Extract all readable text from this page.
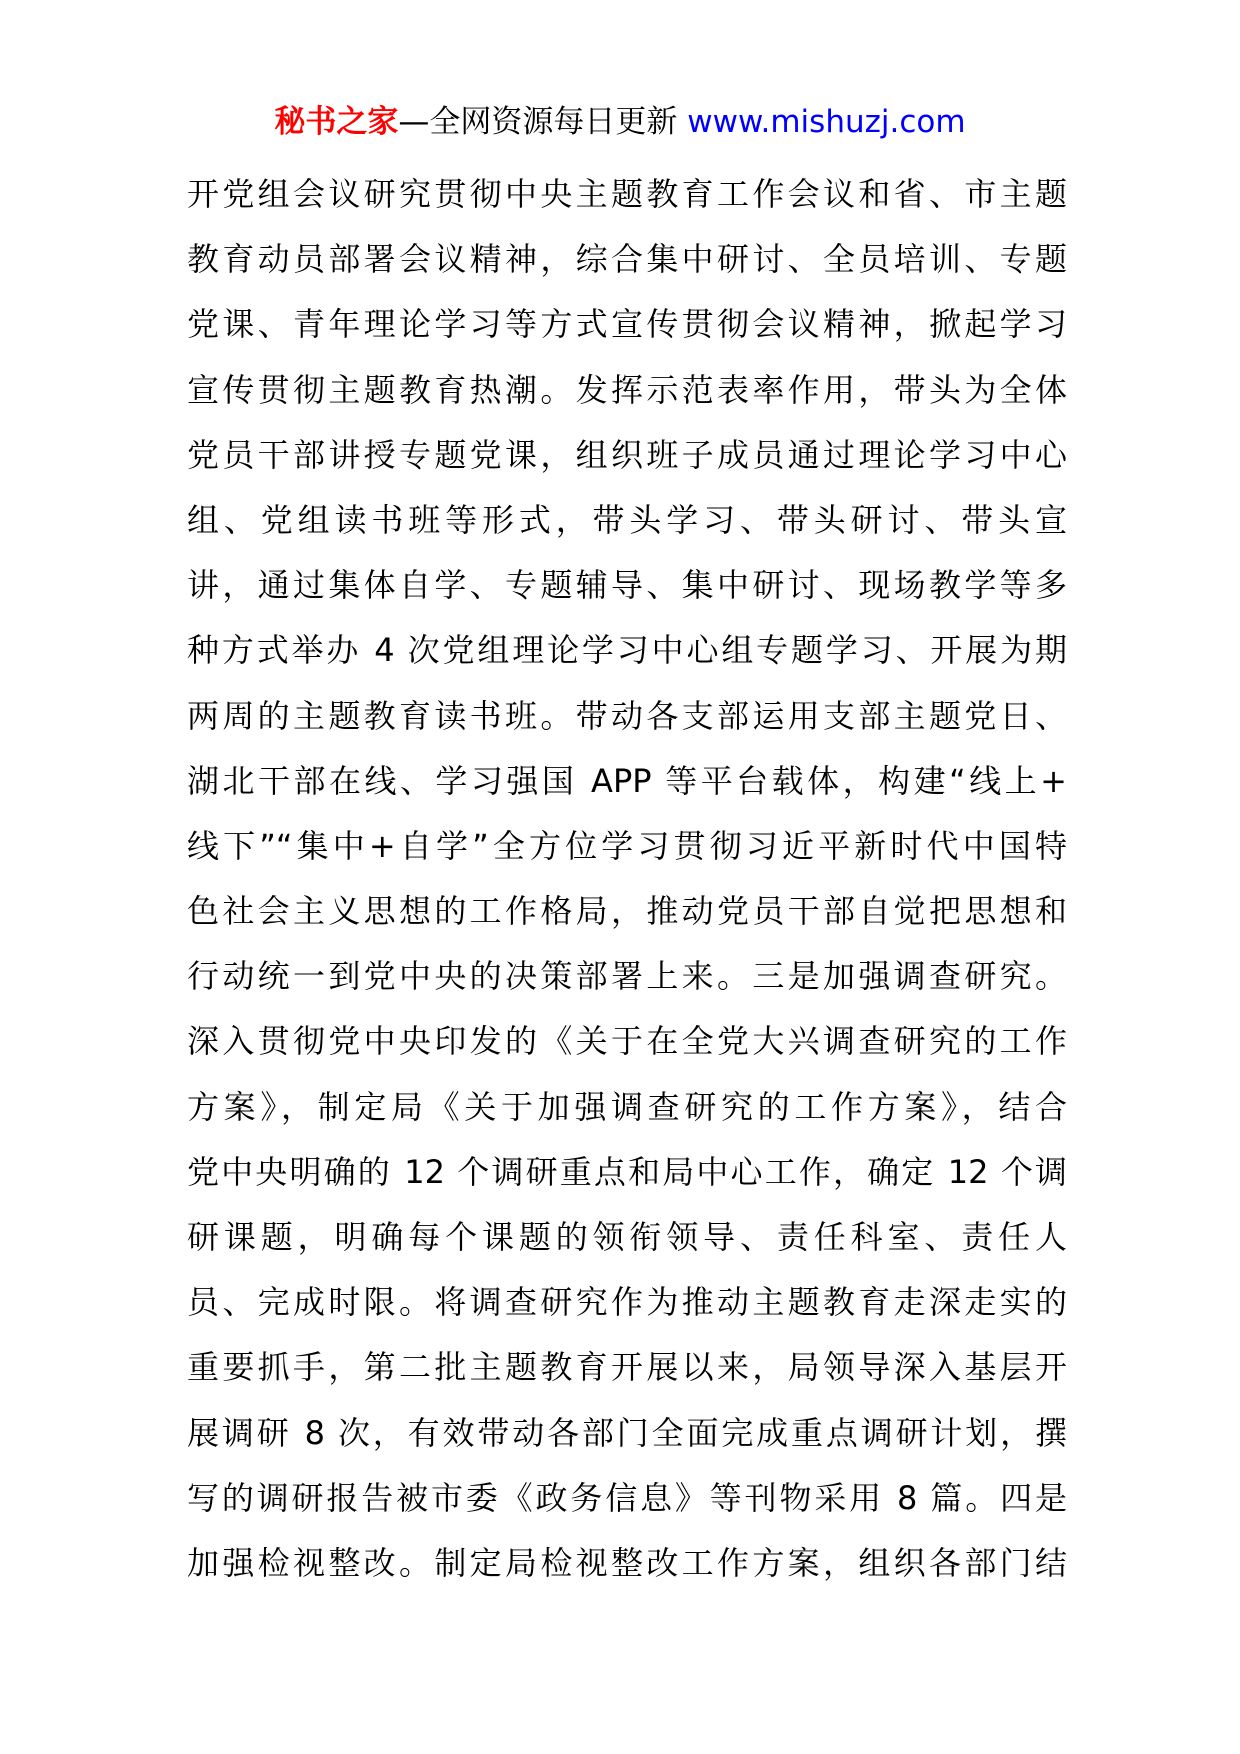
秘书之家—全网资源每日更新 www.mishuzj.com
开党组会议研究贯彻中央主题教育工作会议和省、市主题
教育动员部署会议精神，综合集中研讨、全员培训、专题
党课、青年理论学习等方式宣传贯彻会议精神，掀起学习
宣传贯彻主题教育热潮。发挥示范表率作用，带头为全体
党员干部讲授专题党课，组织班子成员通过理论学习中心
组、党组读书班等形式，带头学习、带头研讨、带头宣
讲，通过集体自学、专题辅导、集中研讨、现场教学等多
种方式举办 4 次党组理论学习中心组专题学习、开展为期
两周的主题教育读书班。带动各支部运用支部主题党日、
湖北干部在线、学习强国 APP 等平台载体，构建“线上+
线下”“集中+自学”全方位学习贯彻习近平新时代中国特
色社会主义思想的工作格局，推动党员干部自觉把思想和
行动统一到党中央的决策部署上来。三是加强调查研究。
深入贯彻党中央印发的《关于在全党大兴调查研究的工作
方案》，制定局《关于加强调查研究的工作方案》，结合
党中央明确的 12 个调研重点和局中心工作，确定 12 个调
研课题，明确每个课题的领衔领导、责任科室、责任人
员、完成时限。将调查研究作为推动主题教育走深走实的
重要抓手，第二批主题教育开展以来，局领导深入基层开
展调研 8 次，有效带动各部门全面完成重点调研计划，撰
写的调研报告被市委《政务信息》等刊物采用 8 篇。四是
加强检视整改。制定局检视整改工作方案，组织各部门结
